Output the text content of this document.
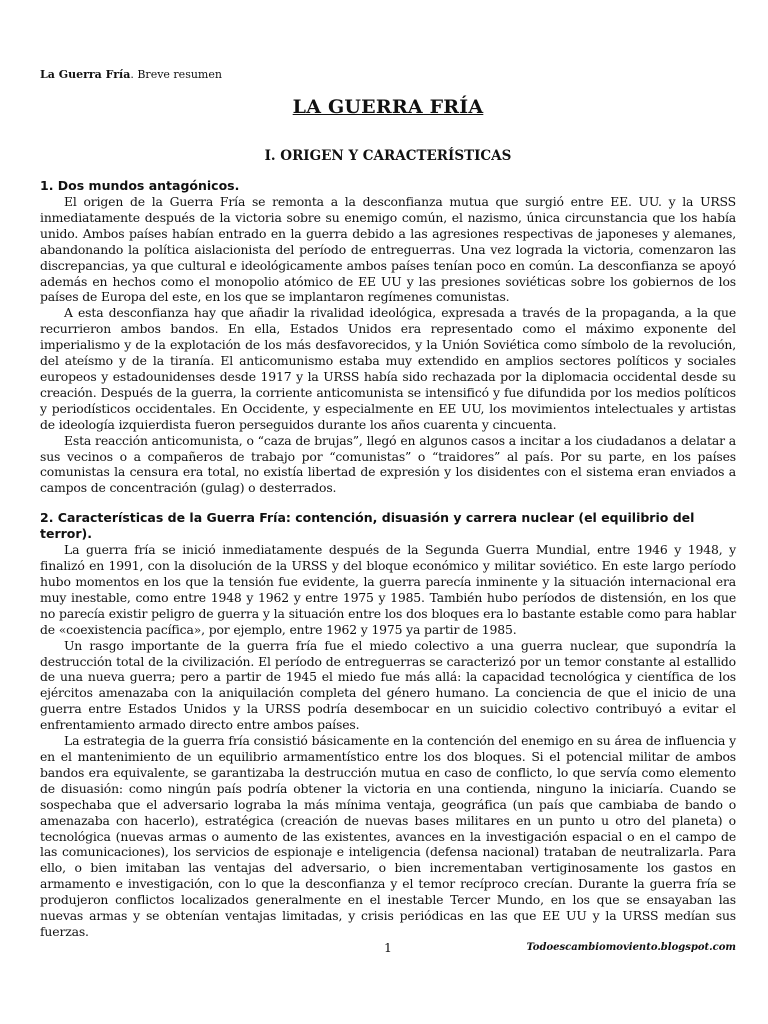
La Guerra Fría. Breve resumen
LA GUERRA FRÍA
I. ORIGEN Y CARACTERÍSTICAS
1. Dos mundos antagónicos.

El origen de la Guerra Fría se remonta a la desconfianza mutua que surgió entre EE. UU. y la URSS inmediatamente después de la victoria sobre su enemigo común, el nazismo, única circunstancia que los había unido. Ambos países habían entrado en la guerra debido a las agresiones respectivas de japoneses y alemanes, abandonando la política aislacionista del período de entreguerras. Una vez lograda la victoria, comenzaron las discrepancias, ya que cultural e ideológicamente ambos países tenían poco en común. La desconfianza se apoyó además en hechos como el monopolio atómico de EE UU y las presiones soviéticas sobre los gobiernos de los países de Europa del este, en los que se implantaron regímenes comunistas.

A esta desconfianza hay que añadir la rivalidad ideológica, expresada a través de la propaganda, a la que recurrieron ambos bandos. En ella, Estados Unidos era representado como el máximo exponente del imperialismo y de la explotación de los más desfavorecidos, y la Unión Soviética como símbolo de la revolución, del ateísmo y de la tiranía. El anticomunismo estaba muy extendido en amplios sectores políticos y sociales europeos y estadounidenses desde 1917 y la URSS había sido rechazada por la diplomacia occidental desde su creación. Después de la guerra, la corriente anticomunista se intensificó y fue difundida por los medios políticos y periodísticos occidentales. En Occidente, y especialmente en EE UU, los movimientos intelectuales y artistas de ideología izquierdista fueron perseguidos durante los años cuarenta y cincuenta.

Esta reacción anticomunista, o “caza de brujas”, llegó en algunos casos a incitar a los ciudadanos a delatar a sus vecinos o a compañeros de trabajo por “comunistas” o “traidores” al país. Por su parte, en los países comunistas la censura era total, no existía libertad de expresión y los disidentes con el sistema eran enviados a campos de concentración (gulag) o desterrados.

2. Características de la Guerra Fría: contención, disuasión y carrera nuclear (el equilibrio del terror).

La guerra fría se inició inmediatamente después de la Segunda Guerra Mundial, entre 1946 y 1948, y finalizó en 1991, con la disolución de la URSS y del bloque económico y militar soviético. En este largo período hubo momentos en los que la tensión fue evidente, la guerra parecía inminente y la situación internacional era muy inestable, como entre 1948 y 1962 y entre 1975 y 1985. También hubo períodos de distensión, en los que no parecía existir peligro de guerra y la situación entre los dos bloques era lo bastante estable como para hablar de «coexistencia pacífica», por ejemplo, entre 1962 y 1975 ya partir de 1985.

Un rasgo importante de la guerra fría fue el miedo colectivo a una guerra nuclear, que supondría la destrucción total de la civilización. El período de entreguerras se caracterizó por un temor constante al estallido de una nueva guerra; pero a partir de 1945 el miedo fue más allá: la capacidad tecnológica y científica de los ejércitos amenazaba con la aniquilación completa del género humano. La conciencia de que el inicio de una guerra entre Estados Unidos y la URSS podría desembocar en un suicidio colectivo contribuyó a evitar el enfrentamiento armado directo entre ambos países.

La estrategia de la guerra fría consistió básicamente en la contención del enemigo en su área de influencia y en el mantenimiento de un equilibrio armamentístico entre los dos bloques. Si el potencial militar de ambos bandos era equivalente, se garantizaba la destrucción mutua en caso de conflicto, lo que servía como elemento de disuasión: como ningún país podría obtener la victoria en una contienda, ninguno la iniciaría. Cuando se sospechaba que el adversario lograba la más mínima ventaja, geográfica (un país que cambiaba de bando o amenazaba con hacerlo), estratégica (creación de nuevas bases militares en un punto u otro del planeta) o tecnológica (nuevas armas o aumento de las existentes, avances en la investigación espacial o en el campo de las comunicaciones), los servicios de espionaje e inteligencia (defensa nacional) trataban de neutralizarla. Para ello, o bien imitaban las ventajas del adversario, o bien incrementaban vertiginosamente los gastos en armamento e investigación, con lo que la desconfianza y el temor recíproco crecían. Durante la guerra fría se produjeron conflictos localizados generalmente en el inestable Tercer Mundo, en los que se ensayaban las nuevas armas y se obtenían ventajas limitadas, y crisis periódicas en las que EE UU y la URSS medían sus fuerzas.

1	Todoescambiomoviento.blogspot.com
